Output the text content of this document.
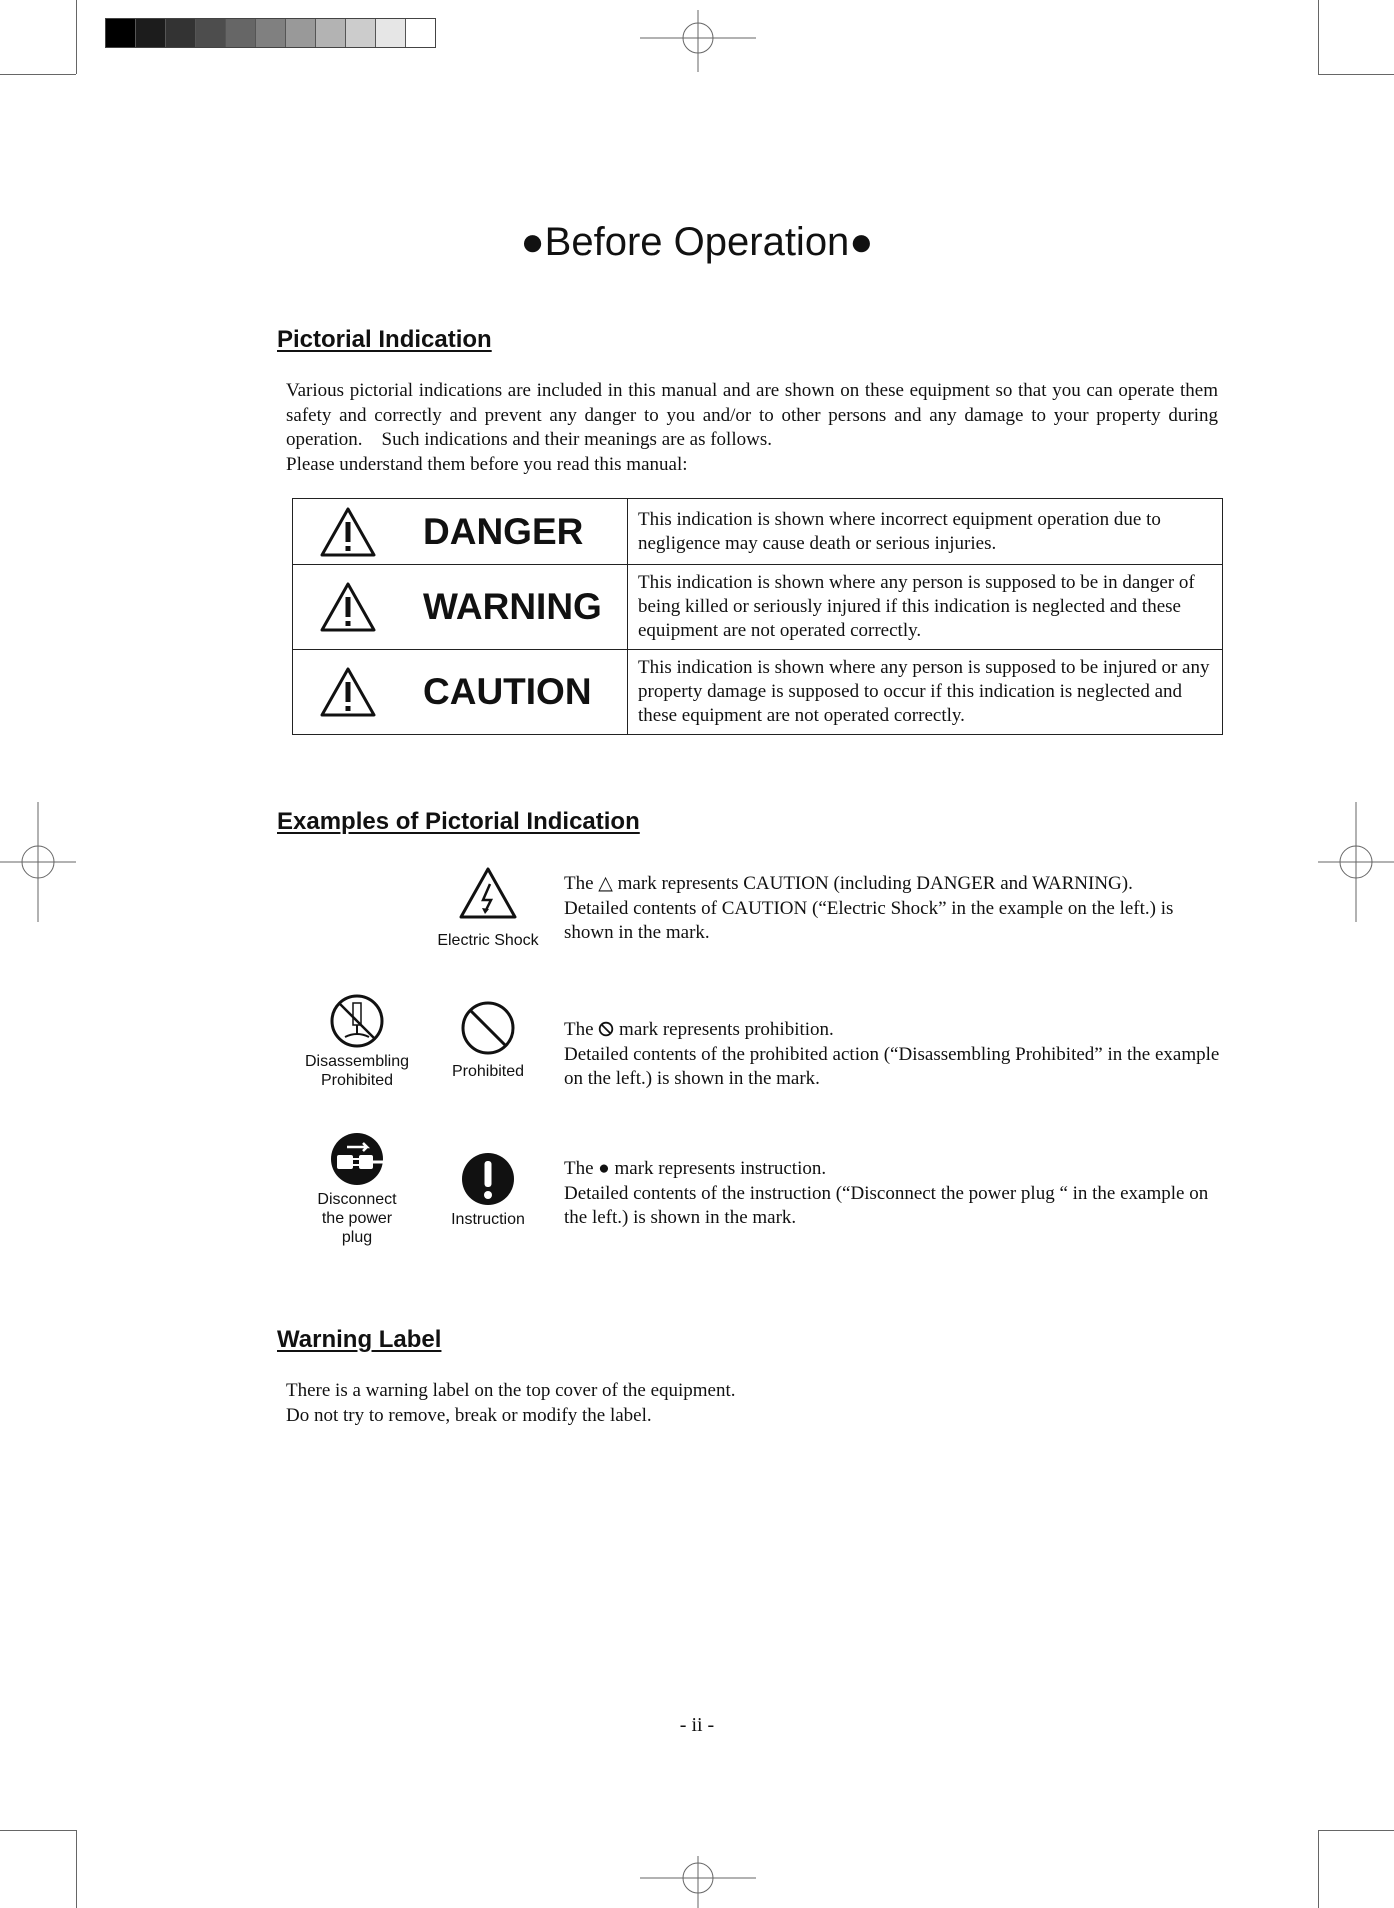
●Before Operation●
Pictorial Indication

Various pictorial indications are included in this manual and are shown on these equipment so that you can operate them safety and correctly and prevent any danger to you and/or to other persons and any damage to your property during operation.　Such indications and their meanings are as follows.

Please understand them before you read this manual:

DANGER	This indication is shown where incorrect equipment operation due to negligence may cause death or serious injuries.

WARNING	This indication is shown where any person is supposed to be in danger of being killed or seriously injured if this indication is neglected and these equipment are not operated correctly.

CAUTION	This indication is shown where any person is supposed to be injured or any property damage is supposed to occur if this indication is neglected and these equipment are not operated correctly.
Examples of Pictorial Indication
Electric Shock

The △ mark represents CAUTION (including DANGER and WARNING).

Detailed contents of CAUTION (“Electric Shock” in the example on the left.) is shown in the mark.

Disassembling
Prohibited
Prohibited

The mark represents prohibition.

Detailed contents of the prohibited action (“Disassembling Prohibited” in the example on the left.) is shown in the mark.

Disconnect
the power
plug
Instruction

The ● mark represents instruction.

Detailed contents of the instruction (“Disconnect the power plug “ in the example on the left.) is shown in the mark.

Warning Label

There is a warning label on the top cover of the equipment.

Do not try to remove, break or modify the label.

- ii -
